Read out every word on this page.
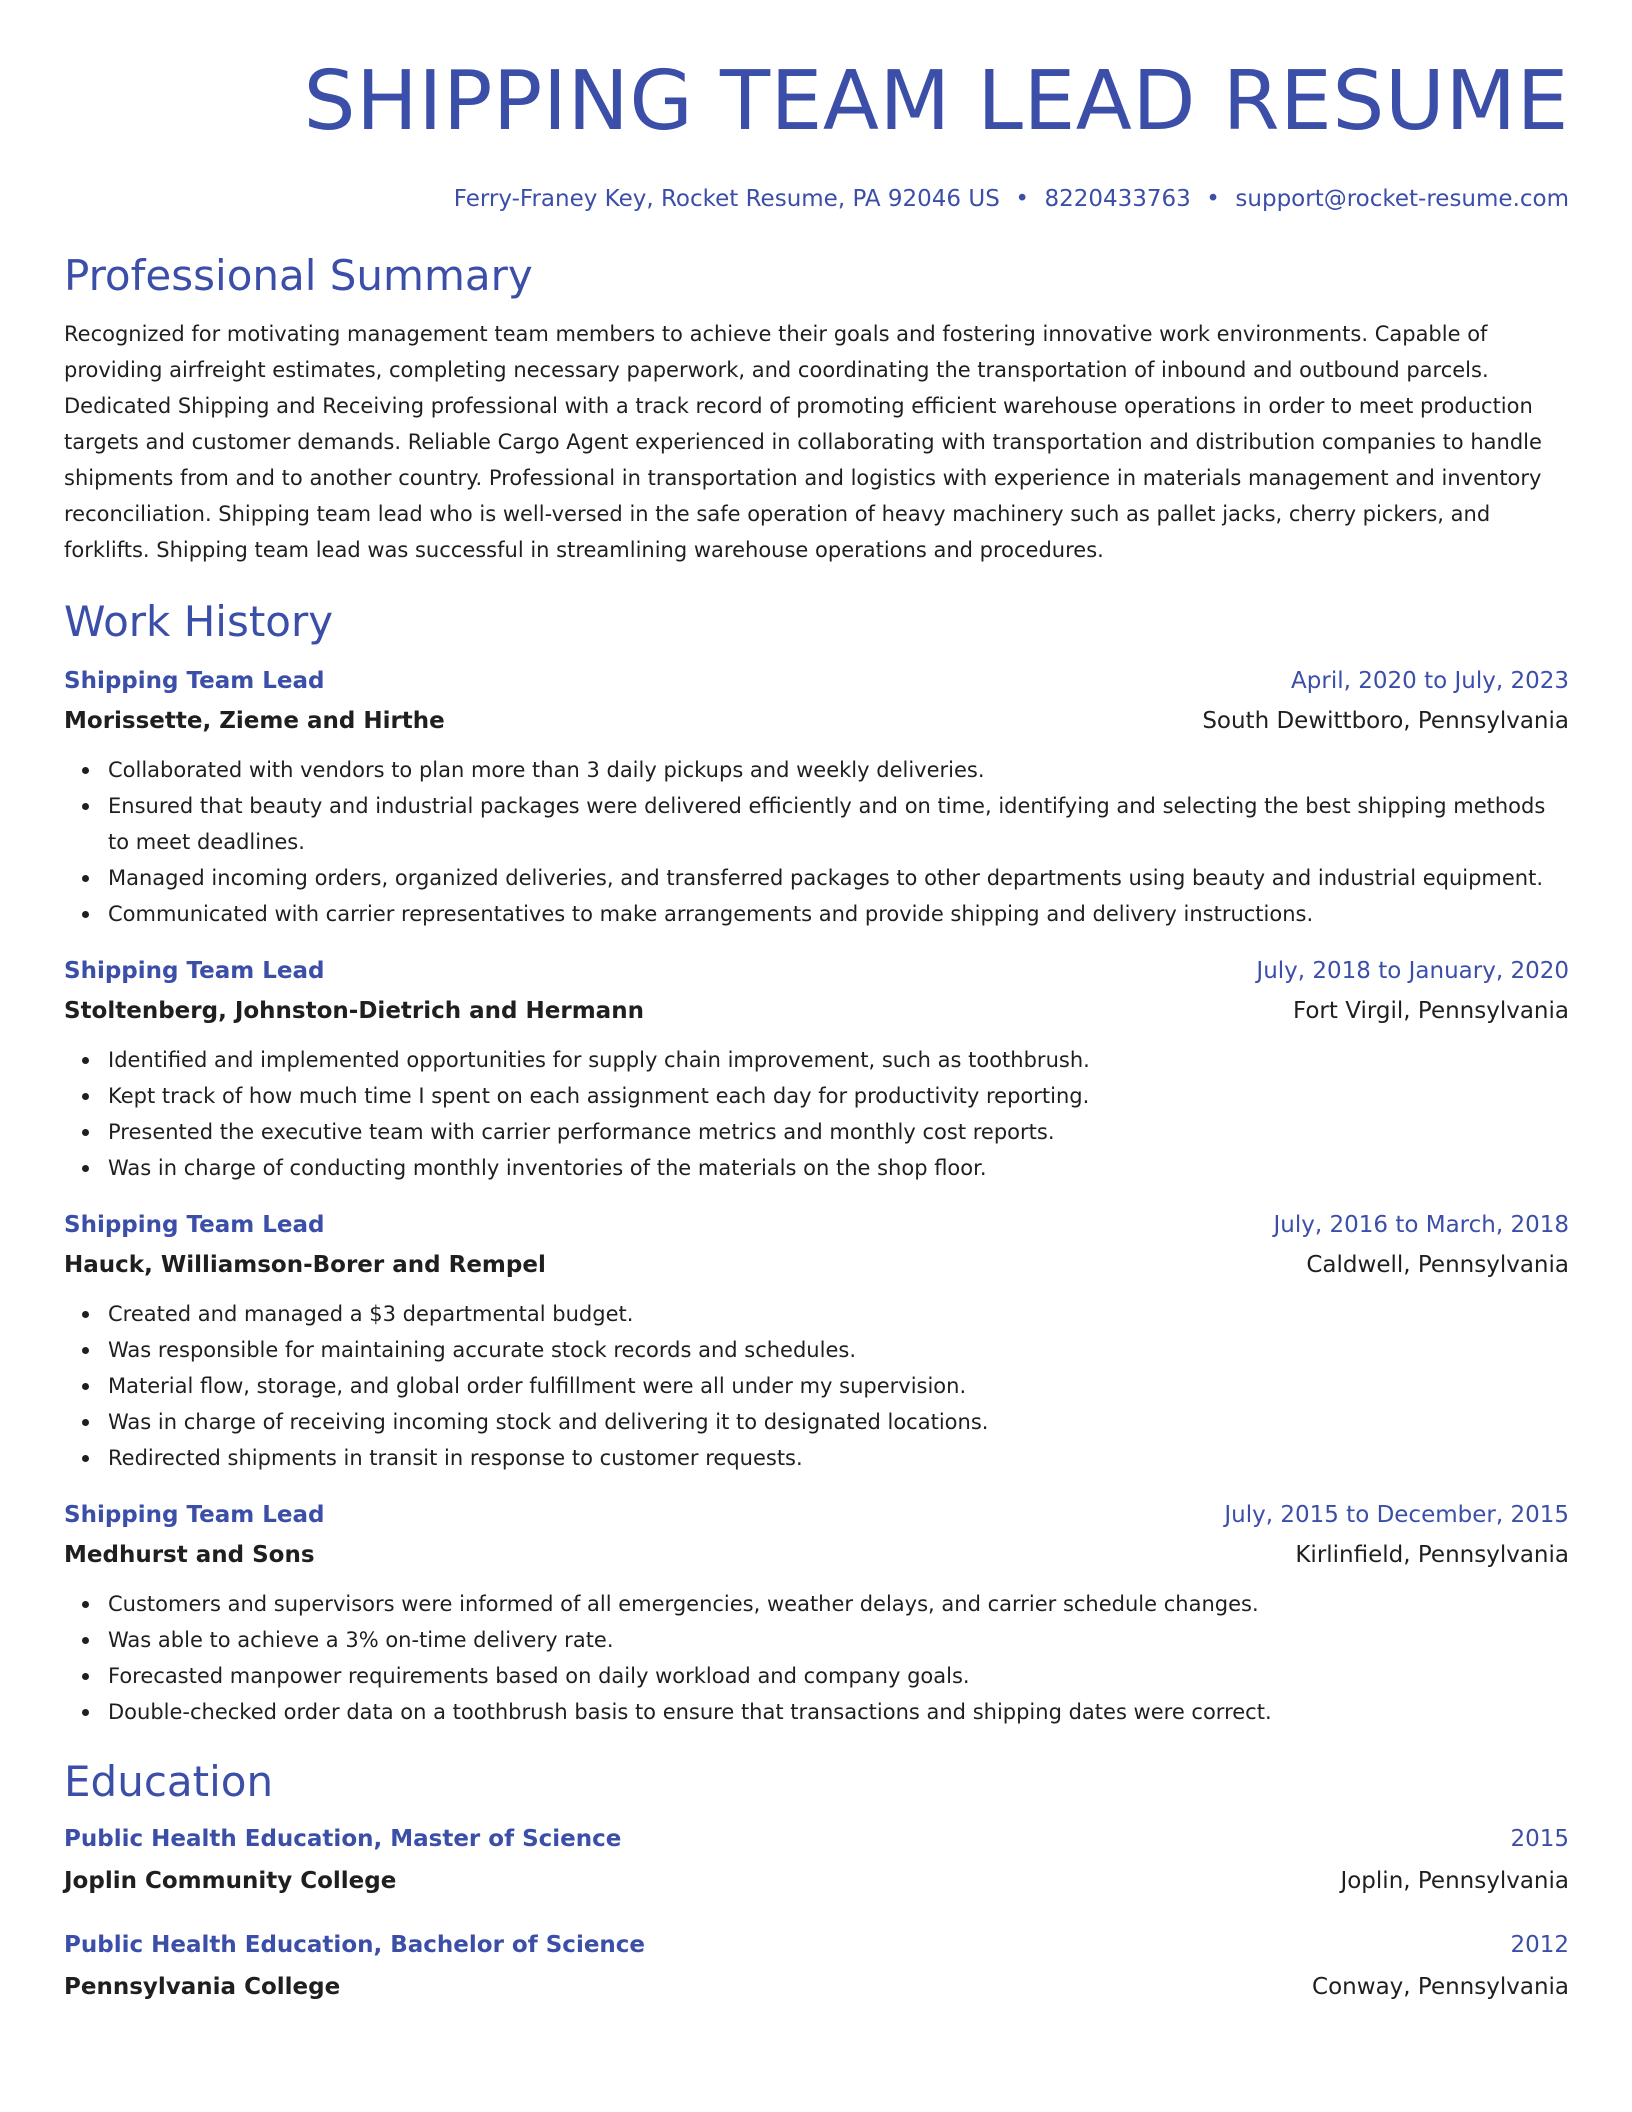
SHIPPING TEAM LEAD RESUME
Ferry-Franey Key, Rocket Resume, PA 92046 US • 8220433763 • support@rocket-resume.com
Professional Summary

Recognized for motivating management team members to achieve their goals and fostering innovative work environments. Capable of providing airfreight estimates, completing necessary paperwork, and coordinating the transportation of inbound and outbound parcels. Dedicated Shipping and Receiving professional with a track record of promoting efficient warehouse operations in order to meet production targets and customer demands. Reliable Cargo Agent experienced in collaborating with transportation and distribution companies to handle shipments from and to another country. Professional in transportation and logistics with experience in materials management and inventory reconciliation. Shipping team lead who is well-versed in the safe operation of heavy machinery such as pallet jacks, cherry pickers, and forklifts. Shipping team lead was successful in streamlining warehouse operations and procedures.

Work History
Shipping Team Lead	April, 2020 to July, 2023
Morissette, Zieme and Hirthe	South Dewittboro, Pennsylvania
Collaborated with vendors to plan more than 3 daily pickups and weekly deliveries.
Ensured that beauty and industrial packages were delivered efficiently and on time, identifying and selecting the best shipping methods to meet deadlines.
Managed incoming orders, organized deliveries, and transferred packages to other departments using beauty and industrial equipment.
Communicated with carrier representatives to make arrangements and provide shipping and delivery instructions.
Shipping Team Lead	July, 2018 to January, 2020
Stoltenberg, Johnston-Dietrich and Hermann	Fort Virgil, Pennsylvania
Identified and implemented opportunities for supply chain improvement, such as toothbrush.
Kept track of how much time I spent on each assignment each day for productivity reporting.
Presented the executive team with carrier performance metrics and monthly cost reports.
Was in charge of conducting monthly inventories of the materials on the shop floor.
Shipping Team Lead	July, 2016 to March, 2018
Hauck, Williamson-Borer and Rempel	Caldwell, Pennsylvania
Created and managed a $3 departmental budget.
Was responsible for maintaining accurate stock records and schedules.
Material flow, storage, and global order fulfillment were all under my supervision.
Was in charge of receiving incoming stock and delivering it to designated locations.
Redirected shipments in transit in response to customer requests.
Shipping Team Lead	July, 2015 to December, 2015
Medhurst and Sons	Kirlinfield, Pennsylvania
Customers and supervisors were informed of all emergencies, weather delays, and carrier schedule changes.
Was able to achieve a 3% on-time delivery rate.
Forecasted manpower requirements based on daily workload and company goals.
Double-checked order data on a toothbrush basis to ensure that transactions and shipping dates were correct.
Education
Public Health Education, Master of Science	2015
Joplin Community College	Joplin, Pennsylvania
Public Health Education, Bachelor of Science	2012
Pennsylvania College	Conway, Pennsylvania
